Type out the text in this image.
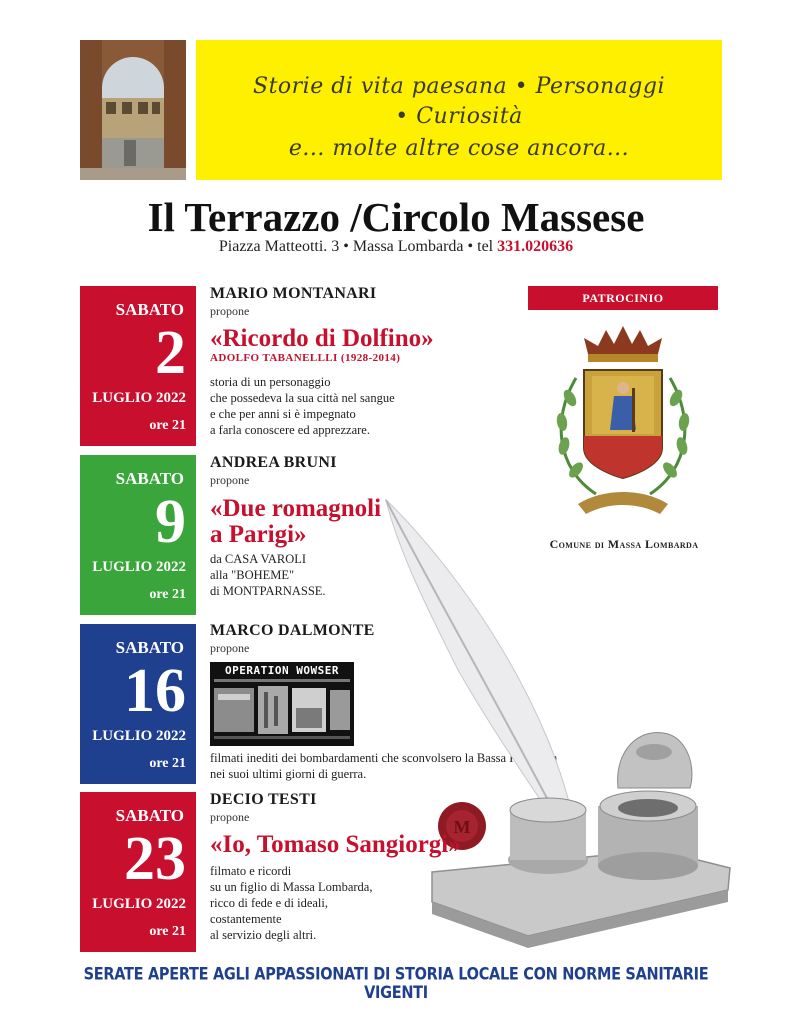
Storie di vita paesana • Personaggi
• Curiosità
e... molte altre cose ancora...
Il Terrazzo /Circolo Massese
Piazza Matteotti. 3 • Massa Lombarda • tel 331.020636
SABATO
2
LUGLIO 2022
ore 21
MARIO MONTANARI
propone
«Ricordo di Dolfino»
ADOLFO TABANELLLI (1928-2014)
storia di un personaggio
che possedeva la sua città nel sangue
e che per anni si è impegnato
a farla conoscere ed apprezzare.
SABATO
9
LUGLIO 2022
ore 21
ANDREA BRUNI
propone
«Due romagnoli
a Parigi»
da CASA VAROLI
alla "BOHEME"
di MONTPARNASSE.
SABATO
16
LUGLIO 2022
ore 21
MARCO DALMONTE
propone
OPERATION WOWSER
filmati inediti dei bombardamenti che sconvolsero la Bassa
nei suoi ultimi giorni di guerra.
M
SABATO
23
LUGLIO 2022
ore 21
DECIO TESTI
propone
«Io, Tomaso Sangiorgi»
filmato e ricordi
su un figlio di Massa Lombarda,
ricco di fede e di ideali,
costantemente
al servizio degli altri.
PATROCINIO
Comune di Massa Lombarda
SERATE APERTE AGLI APPASSIONATI DI STORIA LOCALE CON NORME SANITARIE VIGENTI
